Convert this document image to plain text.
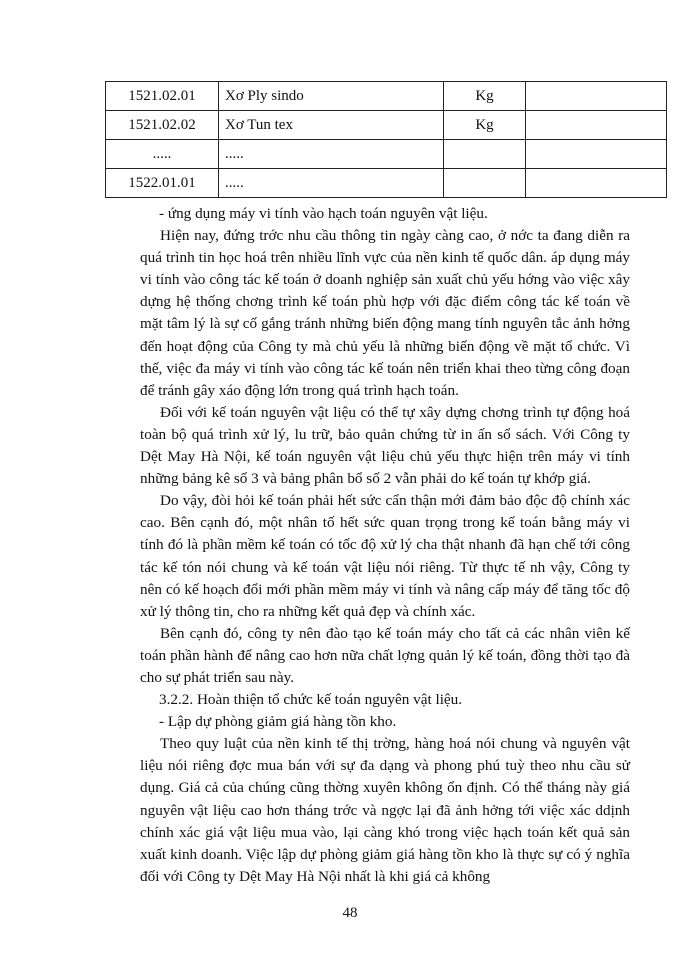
1521.02.01	Xơ Ply sindo	Kg	
1521.02.02	Xơ Tun tex	Kg	
.....	.....		
1522.01.01	.....		

- ứng dụng máy vi tính vào hạch toán nguyên vật liệu.

Hiện nay, đứng trớc nhu cầu thông tin ngày càng cao, ở nớc ta đang diễn ra quá trình tin học hoá trên nhiều lĩnh vực của nền kinh tế quốc dân. áp dụng máy vi tính vào công tác kế toán ở doanh nghiệp sản xuất chủ yếu hớng vào việc xây dựng hệ thống chơng trình kế toán phù hợp với đặc điểm công tác kế toán về mặt tâm lý là sự cố gắng tránh những biến động mang tính nguyên tắc ảnh hởng đến hoạt động của Công ty mà chủ yếu là những biến động về mặt tổ chức. Vì thế, việc đa máy vi tính vào công tác kế toán nên triển khai theo từng công đoạn để tránh gây xáo động lớn trong quá trình hạch toán.

Đối với kế toán nguyên vật liệu có thể tự xây dựng chơng trình tự động hoá toàn bộ quá trình xử lý, lu trữ, bảo quản chứng từ in ấn sổ sách. Với Công ty Dệt May Hà Nội, kế toán nguyên vật liệu chủ yếu thực hiện trên máy vi tính những bảng kê số 3 và bảng phân bổ số 2 vẫn phải do kế toán tự khớp giá.

Do vậy, đòi hỏi kế toán phải hết sức cẩn thận mới đảm bảo độc độ chính xác cao. Bên cạnh đó, một nhân tố hết sức quan trọng trong kế toán bằng máy vi tính đó là phần mềm kế toán có tốc độ xử lý cha thật nhanh đã hạn chế tới công tác kế tón nói chung và kế toán vật liệu nói riêng. Từ thực tế nh vậy, Công ty nên có kế hoạch đổi mới phần mềm máy vi tính và nâng cấp máy để tăng tốc độ xử lý thông tin, cho ra những kết quả đẹp và chính xác.

Bên cạnh đó, công ty nên đào tạo kế toán máy cho tất cả các nhân viên kế toán phần hành để nâng cao hơn nữa chất lợng quản lý kế toán, đồng thời tạo đà cho sự phát triển sau này.

3.2.2. Hoàn thiện tổ chức kế toán nguyên vật liệu.

- Lập dự phòng giảm giá hàng tồn kho.

Theo quy luật của nền kinh tế thị trờng, hàng hoá nói chung và nguyên vật liệu nói riêng đợc mua bán với sự đa dạng và phong phú tuỳ theo nhu cầu sử dụng. Giá cả của chúng cũng thờng xuyên không ổn định. Có thể tháng này giá nguyên vật liệu cao hơn tháng trớc và ngợc lại đã ảnh hởng tới việc xác ddịnh chính xác giá vật liệu mua vào, lại càng khó trong việc hạch toán kết quả sản xuất kinh doanh. Việc lập dự phòng giảm giá hàng tồn kho là thực sự có ý nghĩa đối với Công ty Dệt May Hà Nội nhất là khi giá cả không

48
